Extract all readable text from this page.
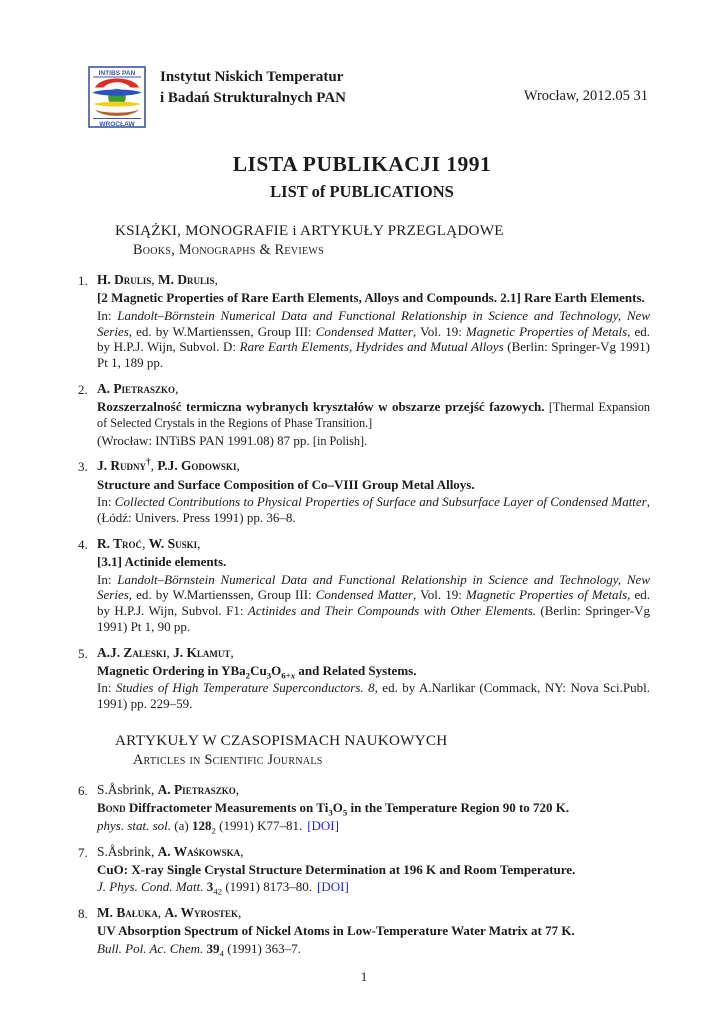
INTIBS PAN
WROCŁAW
Instytut Niskich Temperatur
i Badań Strukturalnych PAN	Wrocław, 2012.05 31
LISTA PUBLIKACJI 1991
LIST of PUBLICATIONS
KSIĄŻKI, MONOGRAFIE i ARTYKUŁY PRZEGLĄDOWE
Books, Monographs & Reviews
1. H. Drulis, M. Drulis,

[2 Magnetic Properties of Rare Earth Elements, Alloys and Compounds. 2.1] Rare Earth Elements.

In: Landolt–Börnstein Numerical Data and Functional Relationship in Science and Technology, New Series, ed. by W.Martienssen, Group III: Condensed Matter, Vol. 19: Magnetic Properties of Metals, ed. by H.P.J. Wijn, Subvol. D: Rare Earth Elements, Hydrides and Mutual Alloys (Berlin: Springer-Vg 1991) Pt 1, 189 pp.

2. A. Pietraszko,

Rozszerzalność termiczna wybranych kryształów w obszarze przejść fazowych. [Thermal Expansion of Selected Crystals in the Regions of Phase Transition.]

(Wrocław: INTiBS PAN 1991.08) 87 pp. [in Polish].

3. J. Rudny†, P.J. Godowski,

Structure and Surface Composition of Co–VIII Group Metal Alloys.

In: Collected Contributions to Physical Properties of Surface and Subsurface Layer of Condensed Matter, (Łódź: Univers. Press 1991) pp. 36–8.

4. R. Troć, W. Suski,

[3.1] Actinide elements.

In: Landolt–Börnstein Numerical Data and Functional Relationship in Science and Technology, New Series, ed. by W.Martienssen, Group III: Condensed Matter, Vol. 19: Magnetic Properties of Metals, ed. by H.P.J. Wijn, Subvol. F1: Actinides and Their Compounds with Other Elements. (Berlin: Springer-Vg 1991) Pt 1, 90 pp.

5. A.J. Zaleski, J. Klamut,

Magnetic Ordering in $YBa_2Cu_3O_{6+x}$ and Related Systems.

In: Studies of High Temperature Superconductors. 8, ed. by A.Narlikar (Commack, NY: Nova Sci.Publ. 1991) pp. 229–59.

ARTYKUŁY W CZASOPISMACH NAUKOWYCH
Articles in Scientific Journals
6. S.Åsbrink, A. Pietraszko,

Bond Diffractometer Measurements on $Ti_3O_5$ in the Temperature Region 90 to 720 K.

phys. stat. sol. (a) $128_2$ (1991) K77–81. [DOI]

7. S.Åsbrink, A. Waśkowska,

CuO: X-ray Single Crystal Structure Determination at 196 K and Room Temperature.

J. Phys. Cond. Matt. $3_{42}$ (1991) 8173–80. [DOI]

8. M. Bałuka, A. Wyrostek,

UV Absorption Spectrum of Nickel Atoms in Low-Temperature Water Matrix at 77 K.

Bull. Pol. Ac. Chem. $39_4$ (1991) 363–7.

1
